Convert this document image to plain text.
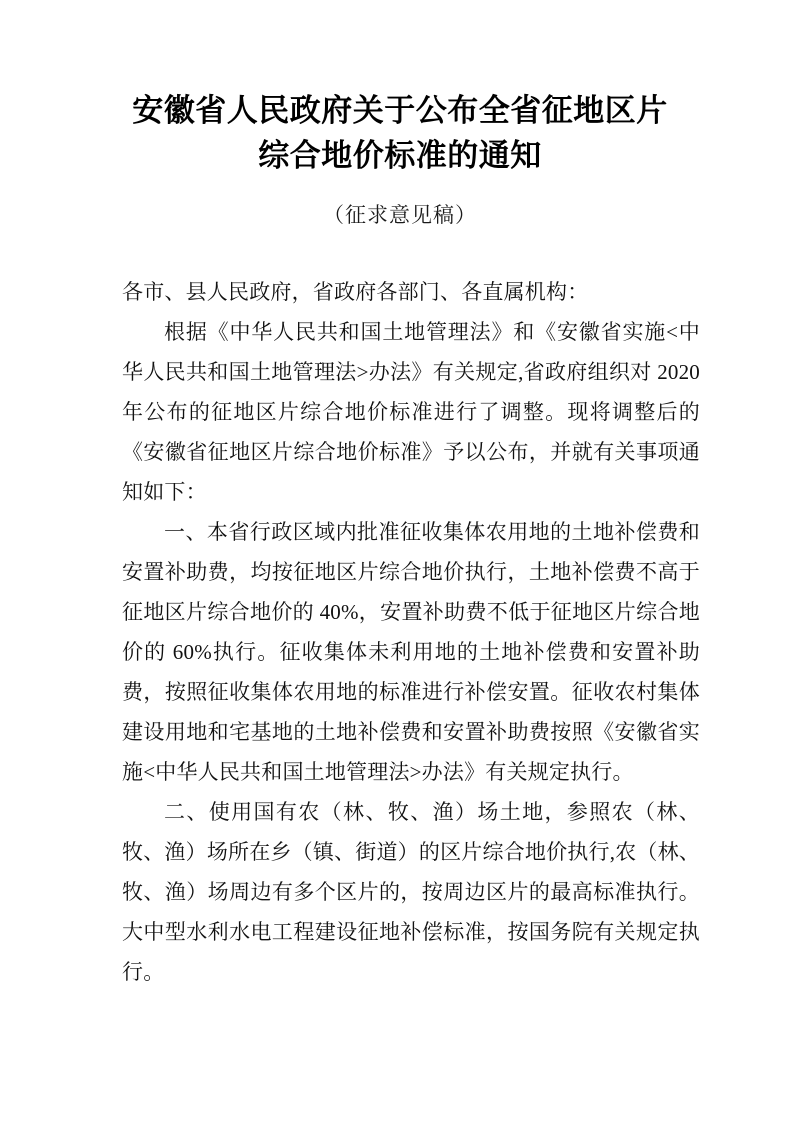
安徽省人民政府关于公布全省征地区片
综合地价标准的通知

（征求意见稿）

各市、县人民政府，省政府各部门、各直属机构：

根据《中华人民共和国土地管理法》和《安徽省实施<中华人民共和国土地管理法>办法》有关规定,省政府组织对 2020 年公布的征地区片综合地价标准进行了调整。现将调整后的《安徽省征地区片综合地价标准》予以公布，并就有关事项通知如下：

一、本省行政区域内批准征收集体农用地的土地补偿费和安置补助费，均按征地区片综合地价执行，土地补偿费不高于征地区片综合地价的 40%，安置补助费不低于征地区片综合地价的 60%执行。征收集体未利用地的土地补偿费和安置补助费，按照征收集体农用地的标准进行补偿安置。征收农村集体建设用地和宅基地的土地补偿费和安置补助费按照《安徽省实施<中华人民共和国土地管理法>办法》有关规定执行。

二、使用国有农（林、牧、渔）场土地，参照农（林、牧、渔）场所在乡（镇、街道）的区片综合地价执行,农（林、牧、渔）场周边有多个区片的，按周边区片的最高标准执行。大中型水利水电工程建设征地补偿标准，按国务院有关规定执行。
